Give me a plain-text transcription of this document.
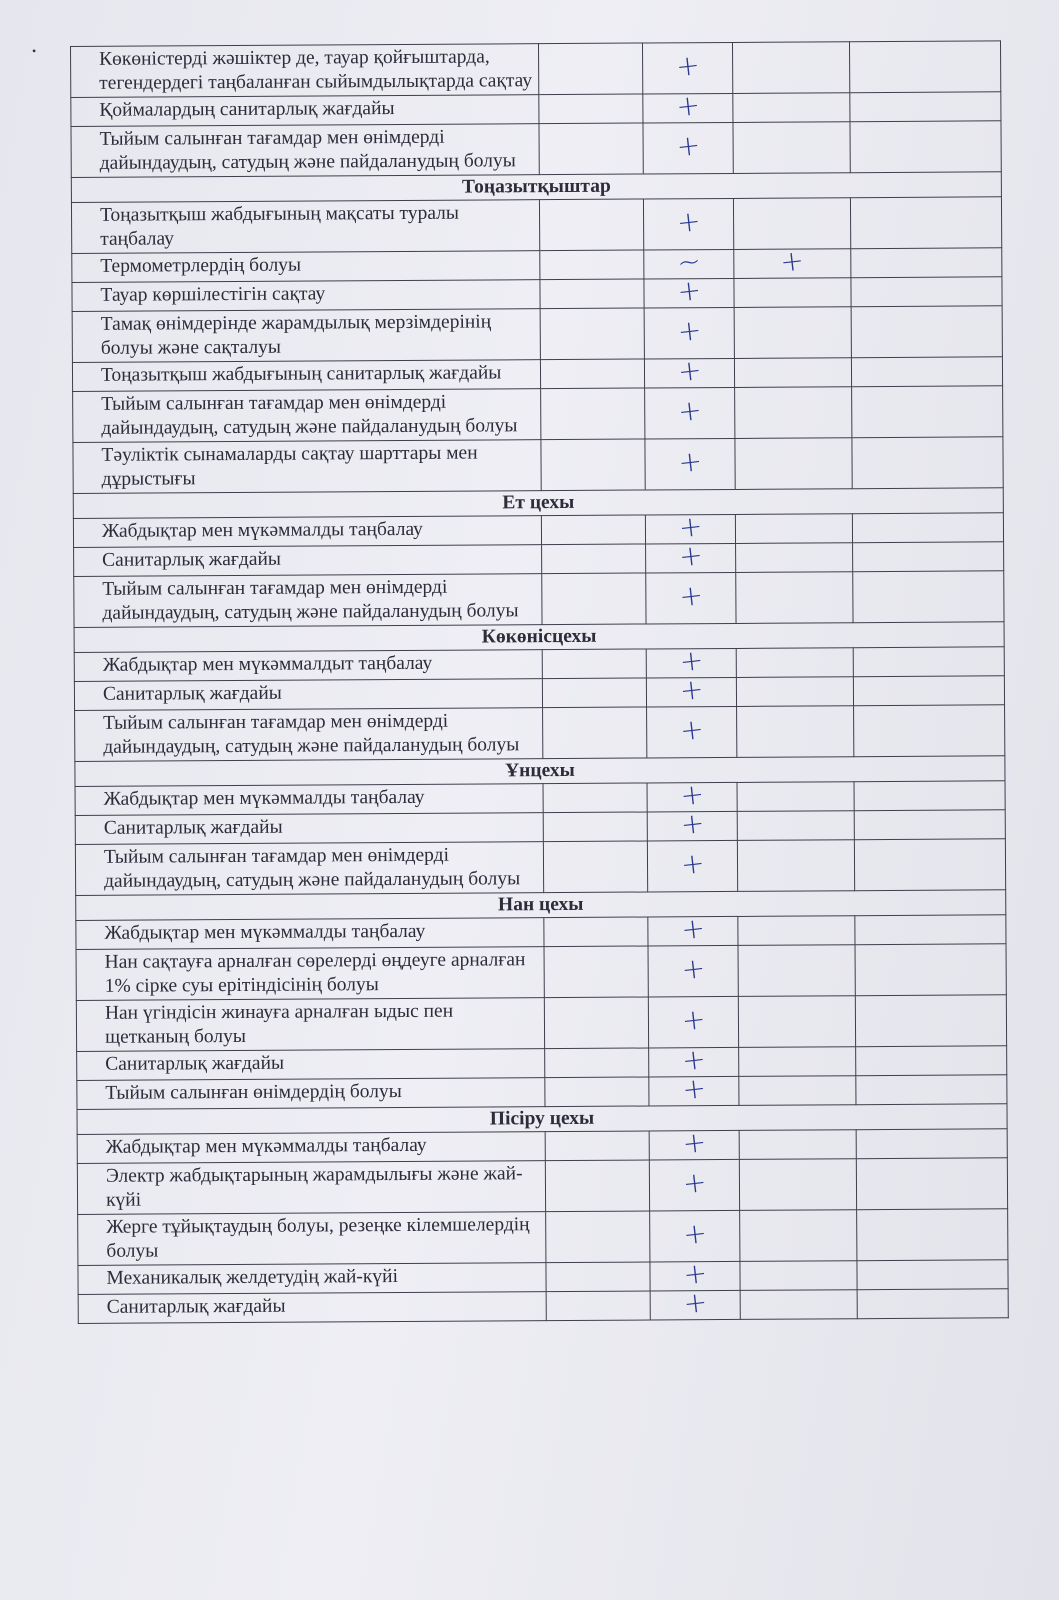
Көкөністерді жәшіктер де, тауар қойғыштарда, тегендердегі таңбаланған сыйымдылықтарда сақтау		+		
Қоймалардың санитарлық жағдайы		+		
Тыйым салынған тағамдар мен өнімдерді дайындаудың, сатудың және пайдаланудың болуы		+		
Тоңазытқыштар				
Тоңазытқыш жабдығының мақсаты туралы таңбалау		+		
Термометрлердің болуы		~	+	
Тауар көршілестігін сақтау		+		
Тамақ өнімдерінде жарамдылық мерзімдерінің болуы және сақталуы		+		
Тоңазытқыш жабдығының санитарлық жағдайы		+		
Тыйым салынған тағамдар мен өнімдерді дайындаудың, сатудың және пайдаланудың болуы		+		
Тәуліктік сынамаларды сақтау шарттары мен дұрыстығы		+		
Ет цехы				
Жабдықтар мен мүкәммалды таңбалау		+		
Санитарлық жағдайы		+		
Тыйым салынған тағамдар мен өнімдерді дайындаудың, сатудың және пайдаланудың болуы		+		
Көкөнісцехы				
Жабдықтар мен мүкәммалдыт таңбалау		+		
Санитарлық жағдайы		+		
Тыйым салынған тағамдар мен өнімдерді дайындаудың, сатудың және пайдаланудың болуы		+		
Ұнцехы				
Жабдықтар мен мүкәммалды таңбалау		+		
Санитарлық жағдайы		+		
Тыйым салынған тағамдар мен өнімдерді дайындаудың, сатудың және пайдаланудың болуы		+		
Нан цехы				
Жабдықтар мен мүкәммалды таңбалау		+		
Нан сақтауға арналған сөрелерді өңдеуге арналған 1% сірке суы ерітіндісінің болуы		+		
Нан үгіндісін жинауға арналған ыдыс пен щетканың болуы		+		
Санитарлық жағдайы		+		
Тыйым салынған өнімдердің болуы		+		
Пісіру цехы				
Жабдықтар мен мүкәммалды таңбалау		+		
Электр жабдықтарының жарамдылығы және жай-күйі		+		
Жерге тұйықтаудың болуы, резеңке кілемшелердің болуы		+		
Механикалық желдетудің жай-күйі		+		
Санитарлық жағдайы		+		
•
